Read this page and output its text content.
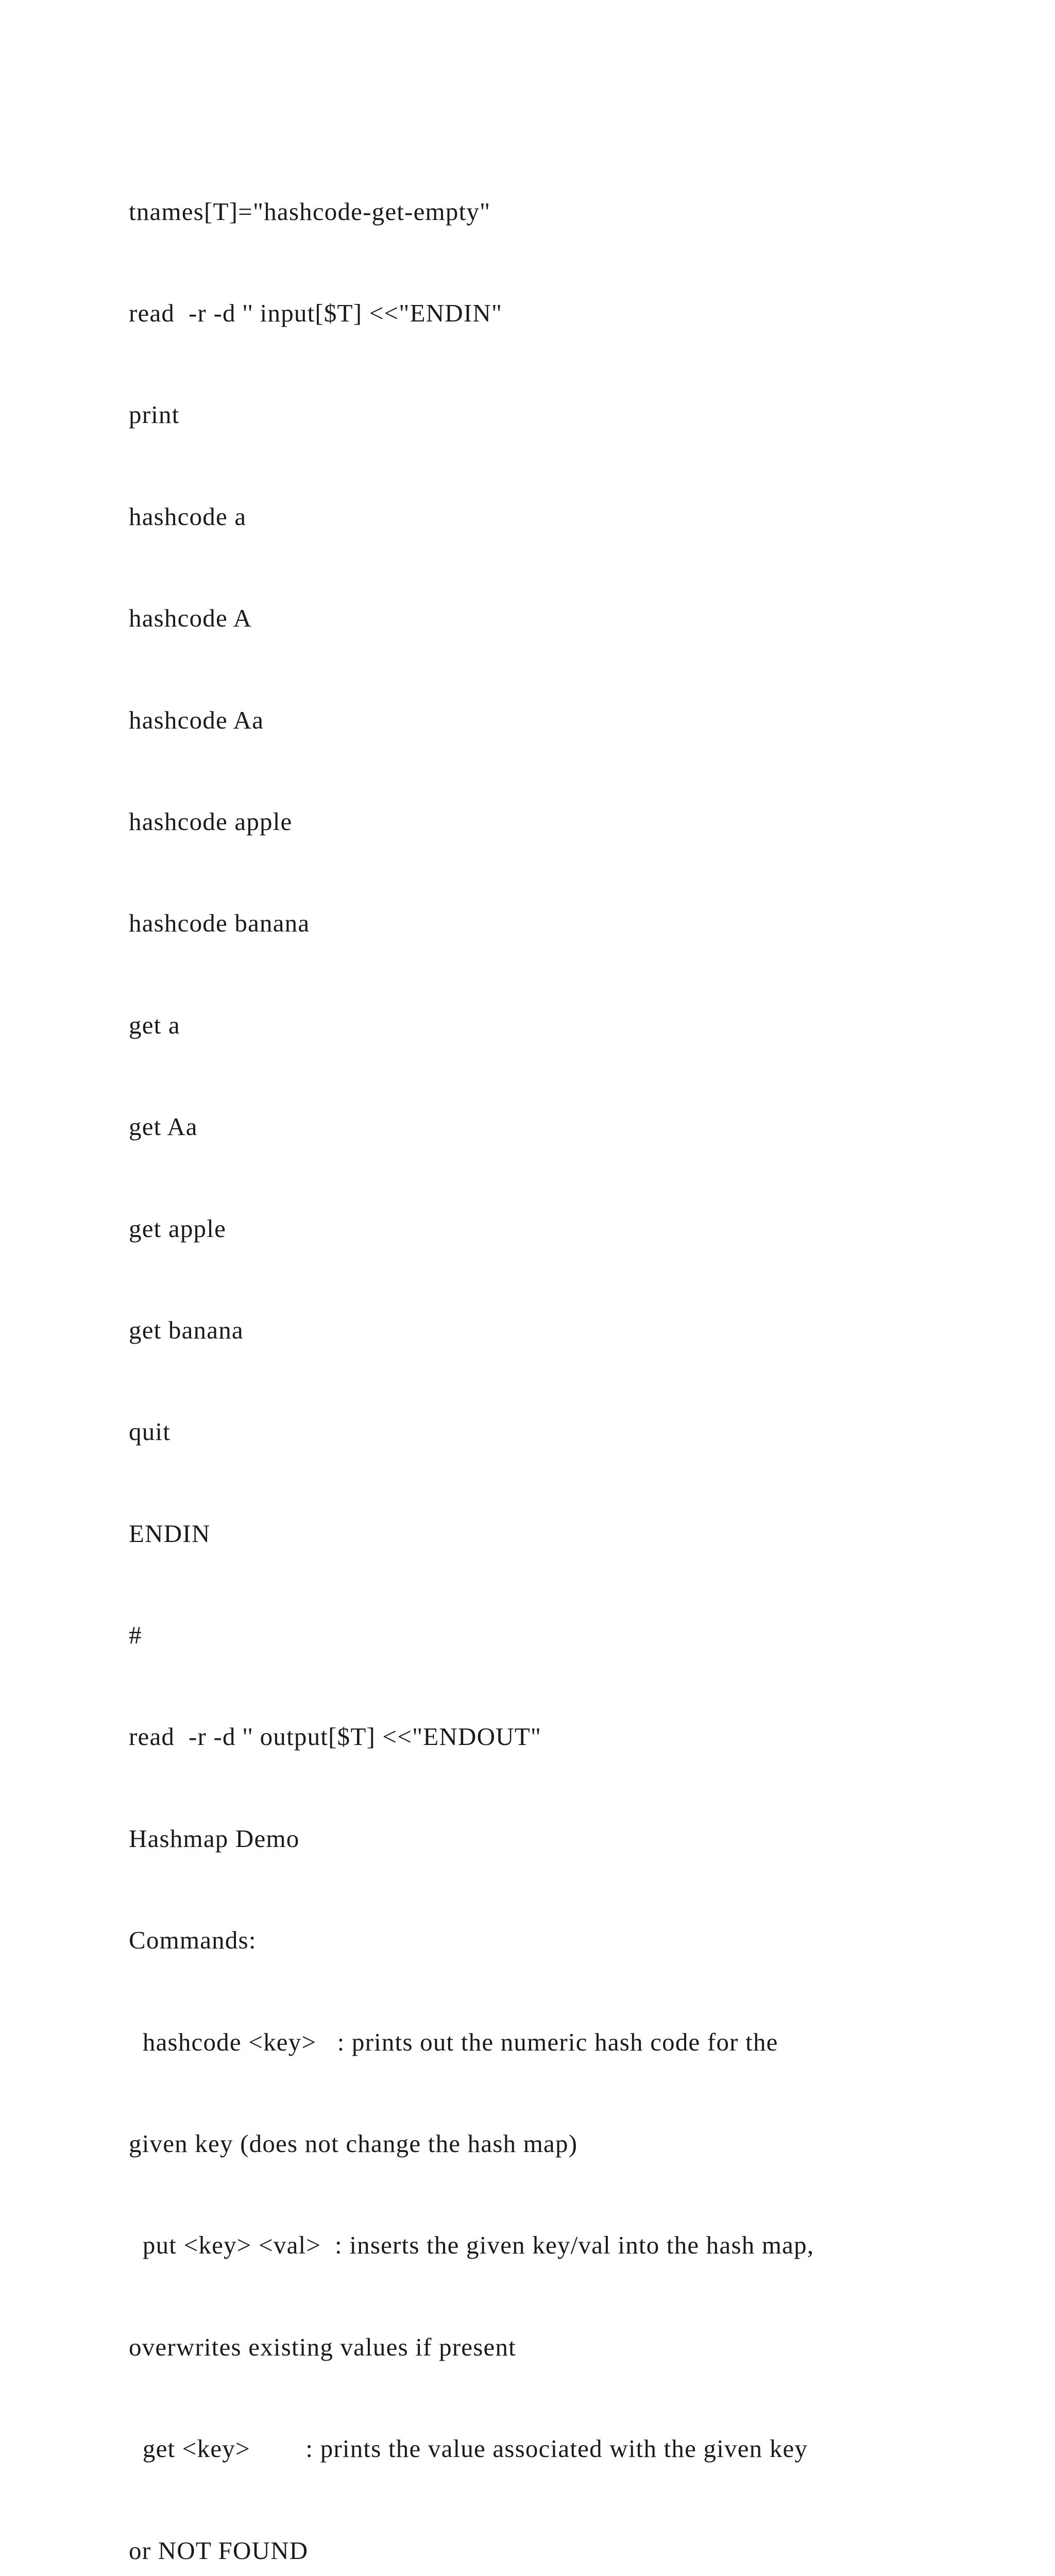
tnames[T]="hashcode-get-empty"

read  -r -d '' input[$T] <<"ENDIN"

print

hashcode a

hashcode A

hashcode Aa

hashcode apple

hashcode banana

get a

get Aa

get apple

get banana

quit

ENDIN

#

read  -r -d '' output[$T] <<"ENDOUT"

Hashmap Demo

Commands:

hashcode <key>   : prints out the numeric hash code for the

given key (does not change the hash map)

put <key> <val>  : inserts the given key/val into the hash map,

overwrites existing values if present

get <key>        : prints the value associated with the given key

or NOT FOUND
